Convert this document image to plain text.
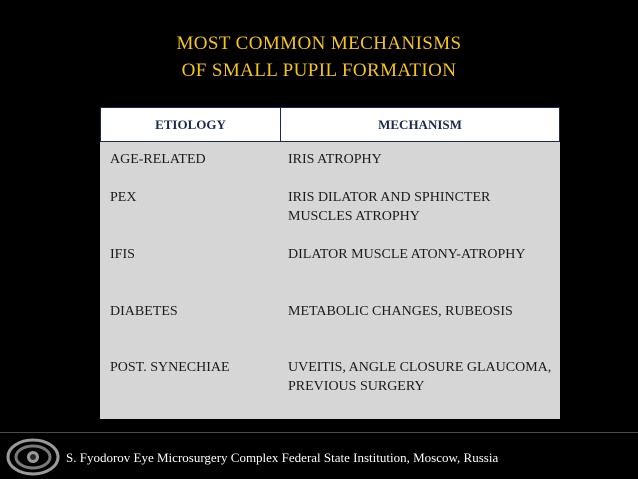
MOST COMMON MECHANISMS
OF SMALL PUPIL FORMATION
ETIOLOGY	MECHANISM
AGE-RELATED	IRIS ATROPHY
PEX	IRIS DILATOR AND SPHINCTER MUSCLES ATROPHY
IFIS	DILATOR MUSCLE ATONY-ATROPHY
DIABETES	METABOLIC CHANGES, RUBEOSIS
POST. SYNECHIAE	UVEITIS, ANGLE CLOSURE GLAUCOMA, PREVIOUS SURGERY
S. Fyodorov Eye Microsurgery Complex Federal State Institution, Moscow, Russia
